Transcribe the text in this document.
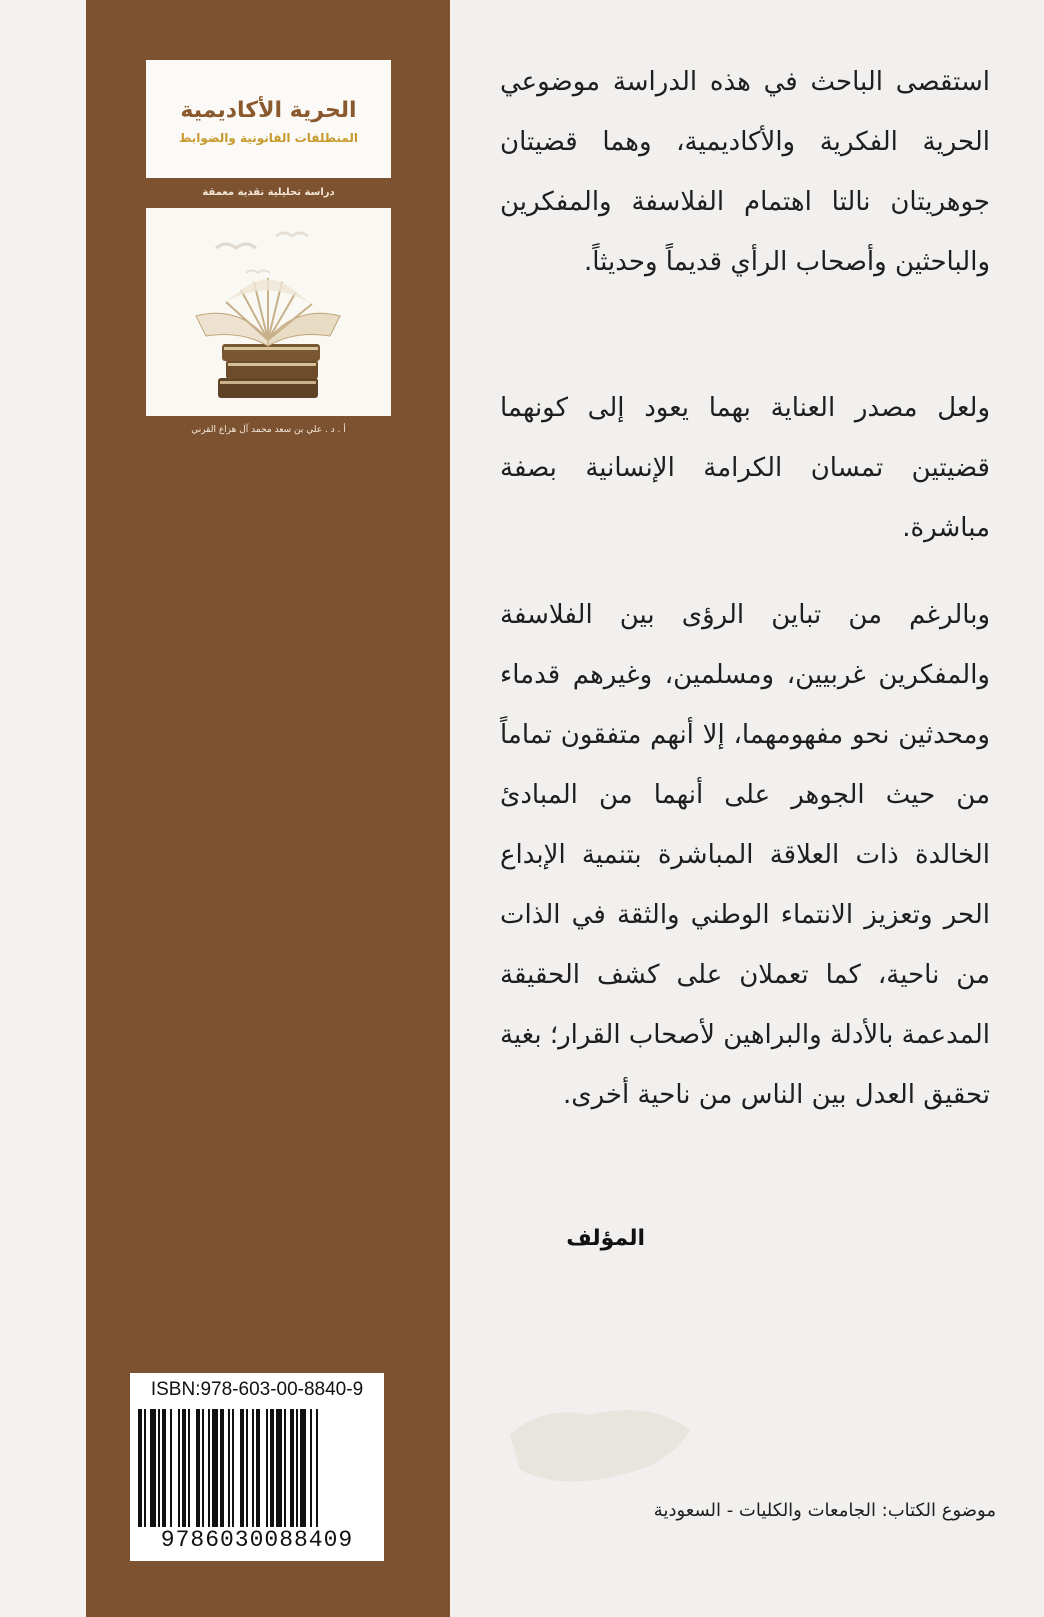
الحرية الأكاديمية
المنطلقات القانونية والضوابط
دراسة تحليلية نقدية معمقة
أ . د . علي بن سعد محمد آل هزاع القرني
استقصى الباحث في هذه الدراسة موضوعي الحرية الفكرية والأكاديمية، وهما قضيتان جوهريتان نالتا اهتمام الفلاسفة والمفكرين والباحثين وأصحاب الرأي قديماً وحديثاً.
ولعل مصدر العناية بهما يعود إلى كونهما قضيتين تمسان الكرامة الإنسانية بصفة مباشرة.
وبالرغم من تباين الرؤى بين الفلاسفة والمفكرين غربيين، ومسلمين، وغيرهم قدماء ومحدثين نحو مفهومهما، إلا أنهم متفقون تماماً من حيث الجوهر على أنهما من المبادئ الخالدة ذات العلاقة المباشرة بتنمية الإبداع الحر وتعزيز الانتماء الوطني والثقة في الذات من ناحية، كما تعملان على كشف الحقيقة المدعمة بالأدلة والبراهين لأصحاب القرار؛ بغية تحقيق العدل بين الناس من ناحية أخرى.
المؤلف
موضوع الكتاب: الجامعات والكليات - السعودية
ISBN:978-603-00-8840-9
9786030088409
